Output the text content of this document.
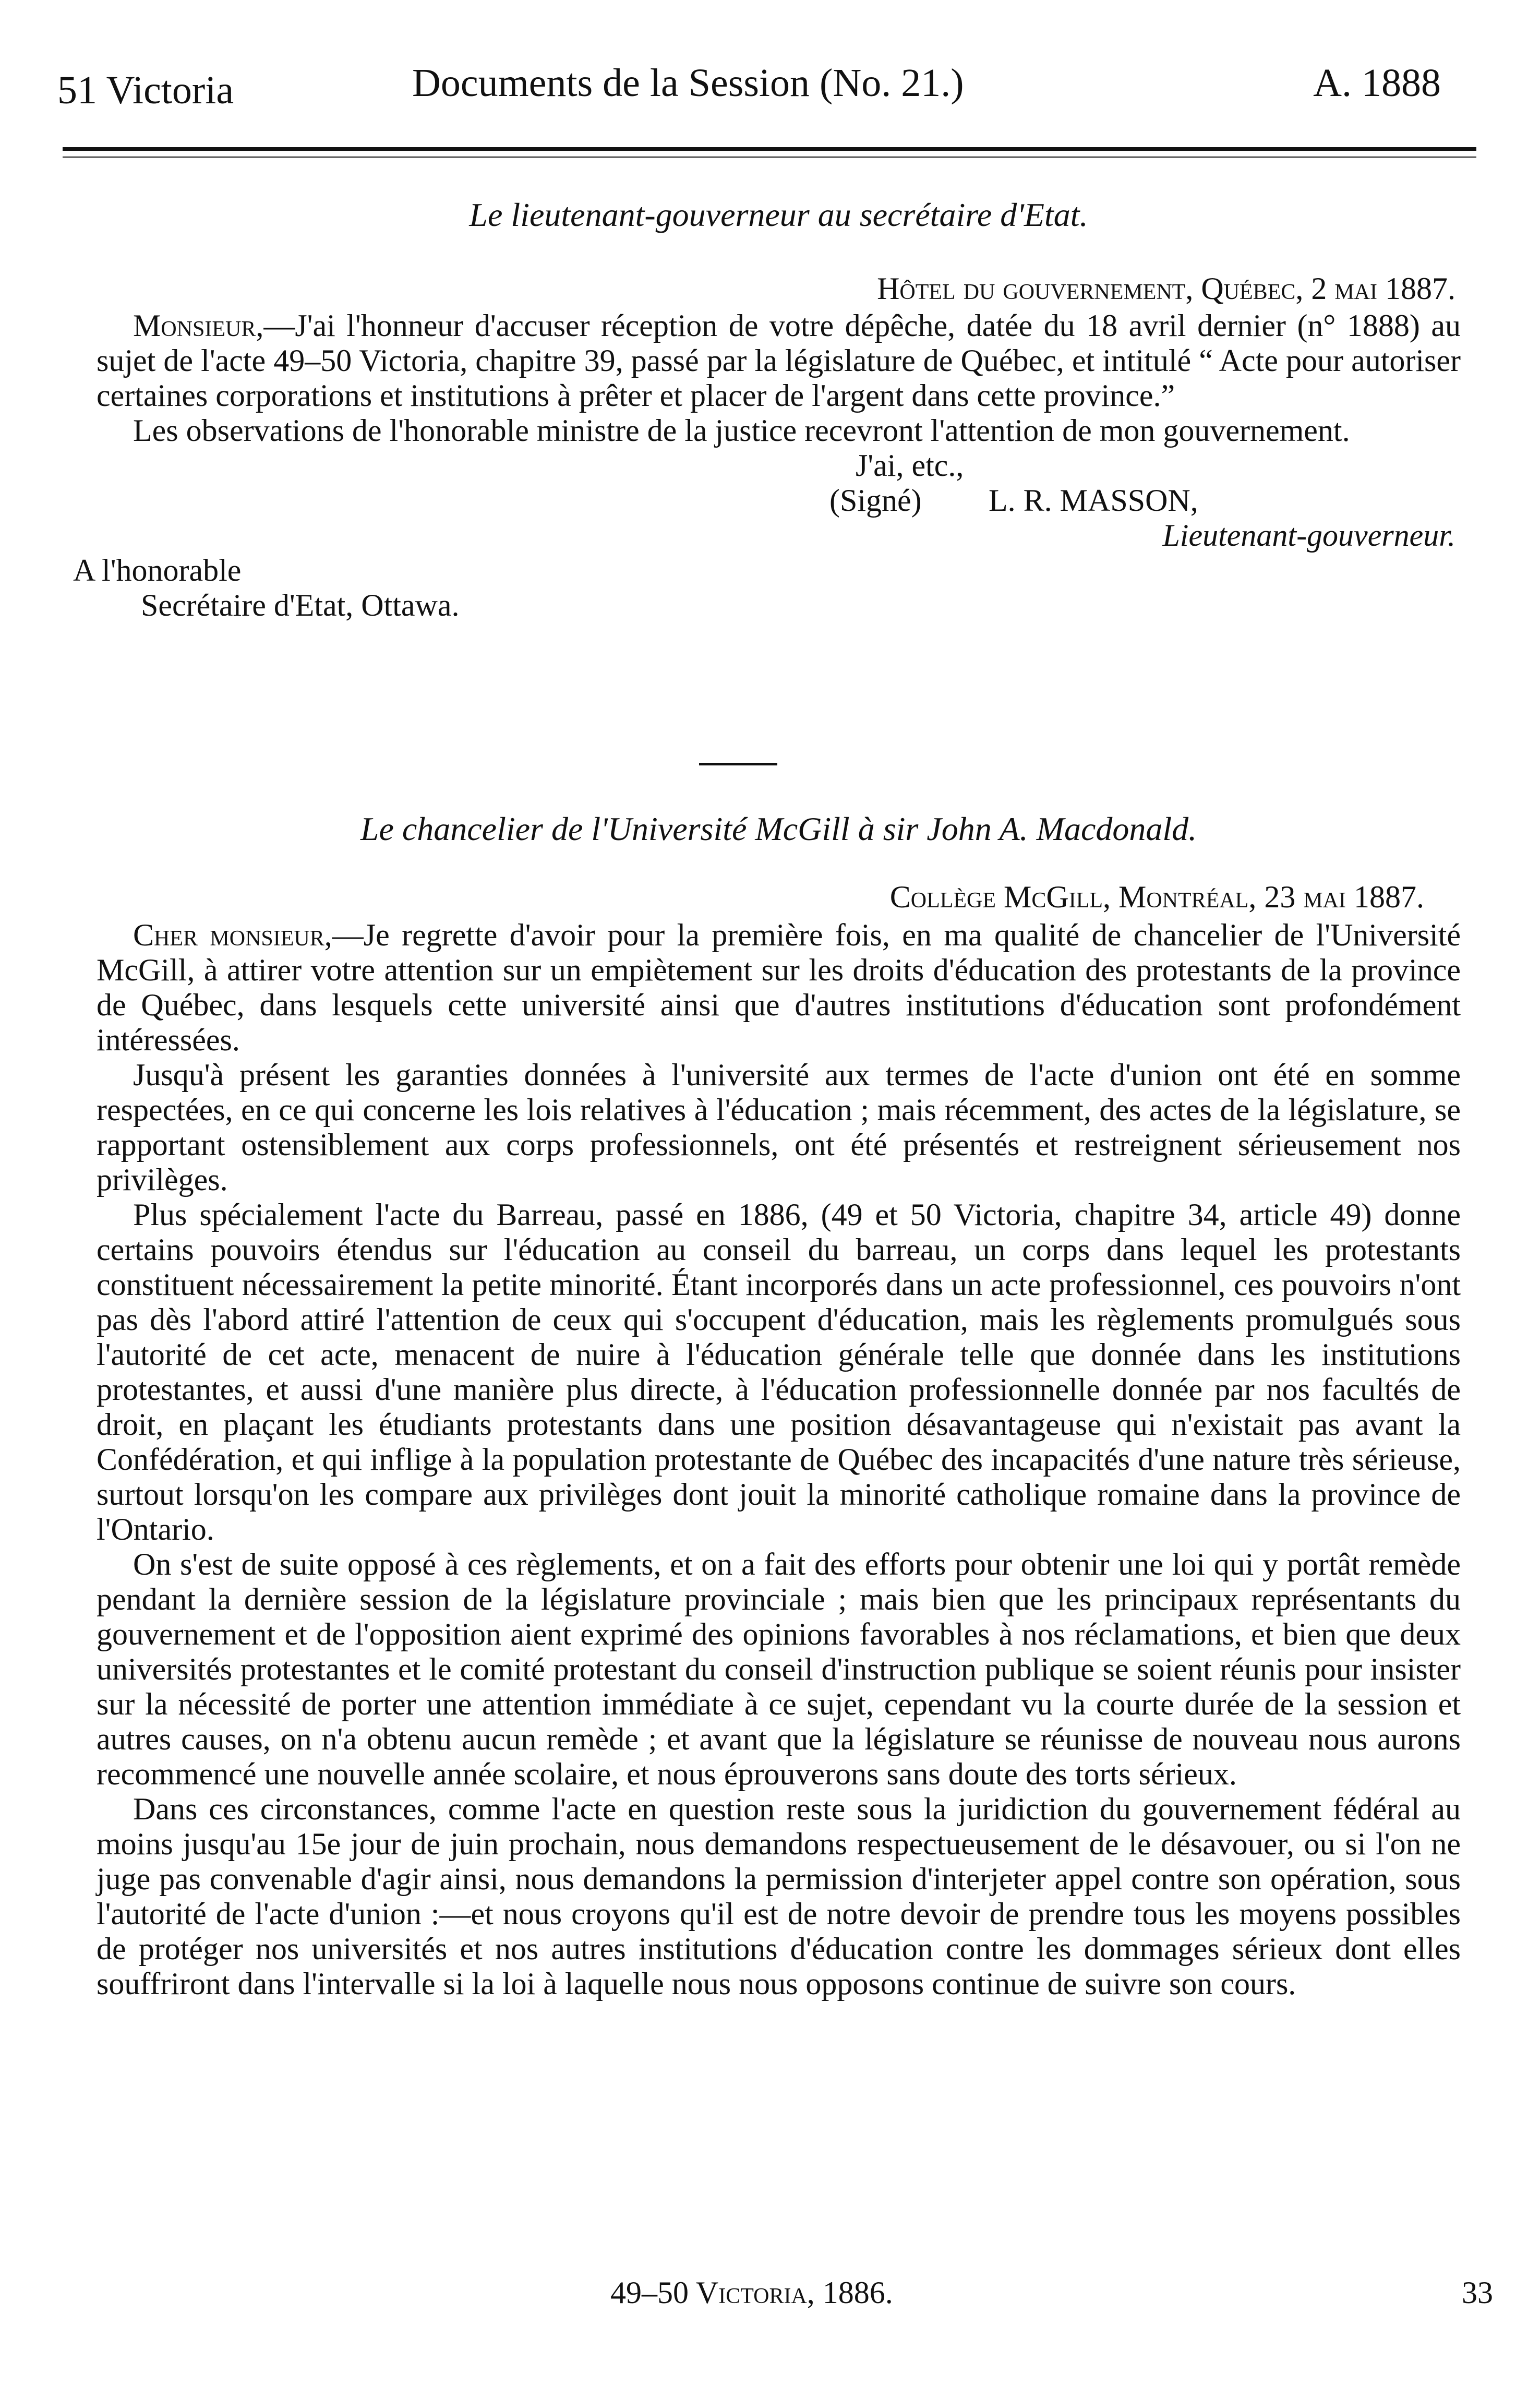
51 Victoria	Documents de la Session (No. 21.)	A. 1888

Le lieutenant-gouverneur au secrétaire d'Etat.

Hôtel du gouvernement, Québec, 2 mai 1887.

Monsieur,—J'ai l'honneur d'accuser réception de votre dépêche, datée du 18 avril dernier (n° 1888) au sujet de l'acte 49–50 Victoria, chapitre 39, passé par la législature de Québec, et intitulé “ Acte pour autoriser certaines corporations et institutions à prêter et placer de l'argent dans cette province.”

Les observations de l'honorable ministre de la justice recevront l'attention de mon gouvernement.

J'ai, etc.,
(Signé) L. R. MASSON,
Lieutenant-gouverneur.
A l'honorable
Secrétaire d'Etat, Ottawa.

Le chancelier de l'Université McGill à sir John A. Macdonald.

Collège McGill, Montréal, 23 mai 1887.

Cher monsieur,—Je regrette d'avoir pour la première fois, en ma qualité de chancelier de l'Université McGill, à attirer votre attention sur un empiètement sur les droits d'éducation des protestants de la province de Québec, dans lesquels cette université ainsi que d'autres institutions d'éducation sont profondément intéressées.

Jusqu'à présent les garanties données à l'université aux termes de l'acte d'union ont été en somme respectées, en ce qui concerne les lois relatives à l'éducation ; mais récemment, des actes de la législature, se rapportant ostensiblement aux corps professionnels, ont été présentés et restreignent sérieusement nos privilèges.

Plus spécialement l'acte du Barreau, passé en 1886, (49 et 50 Victoria, chapitre 34, article 49) donne certains pouvoirs étendus sur l'éducation au conseil du barreau, un corps dans lequel les protestants constituent nécessairement la petite minorité. Étant incorporés dans un acte professionnel, ces pouvoirs n'ont pas dès l'abord attiré l'attention de ceux qui s'occupent d'éducation, mais les règlements promulgués sous l'autorité de cet acte, menacent de nuire à l'éducation générale telle que donnée dans les institutions protestantes, et aussi d'une manière plus directe, à l'éducation professionnelle donnée par nos facultés de droit, en plaçant les étudiants protestants dans une position désavantageuse qui n'existait pas avant la Confédération, et qui inflige à la population protestante de Québec des incapacités d'une nature très sérieuse, surtout lorsqu'on les compare aux privilèges dont jouit la minorité catholique romaine dans la province de l'Ontario.

On s'est de suite opposé à ces règlements, et on a fait des efforts pour obtenir une loi qui y portât remède pendant la dernière session de la législature provinciale ; mais bien que les principaux représentants du gouvernement et de l'opposition aient exprimé des opinions favorables à nos réclamations, et bien que deux universités protestantes et le comité protestant du conseil d'instruction publique se soient réunis pour insister sur la nécessité de porter une attention immédiate à ce sujet, cependant vu la courte durée de la session et autres causes, on n'a obtenu aucun remède ; et avant que la législature se réunisse de nouveau nous aurons recommencé une nouvelle année scolaire, et nous éprouverons sans doute des torts sérieux.

Dans ces circonstances, comme l'acte en question reste sous la juridiction du gouvernement fédéral au moins jusqu'au 15e jour de juin prochain, nous demandons respectueusement de le désavouer, ou si l'on ne juge pas convenable d'agir ainsi, nous demandons la permission d'interjeter appel contre son opération, sous l'autorité de l'acte d'union :—et nous croyons qu'il est de notre devoir de prendre tous les moyens possibles de protéger nos universités et nos autres institutions d'éducation contre les dommages sérieux dont elles souffriront dans l'intervalle si la loi à laquelle nous nous opposons continue de suivre son cours.

49–50 Victoria, 1886.	33
